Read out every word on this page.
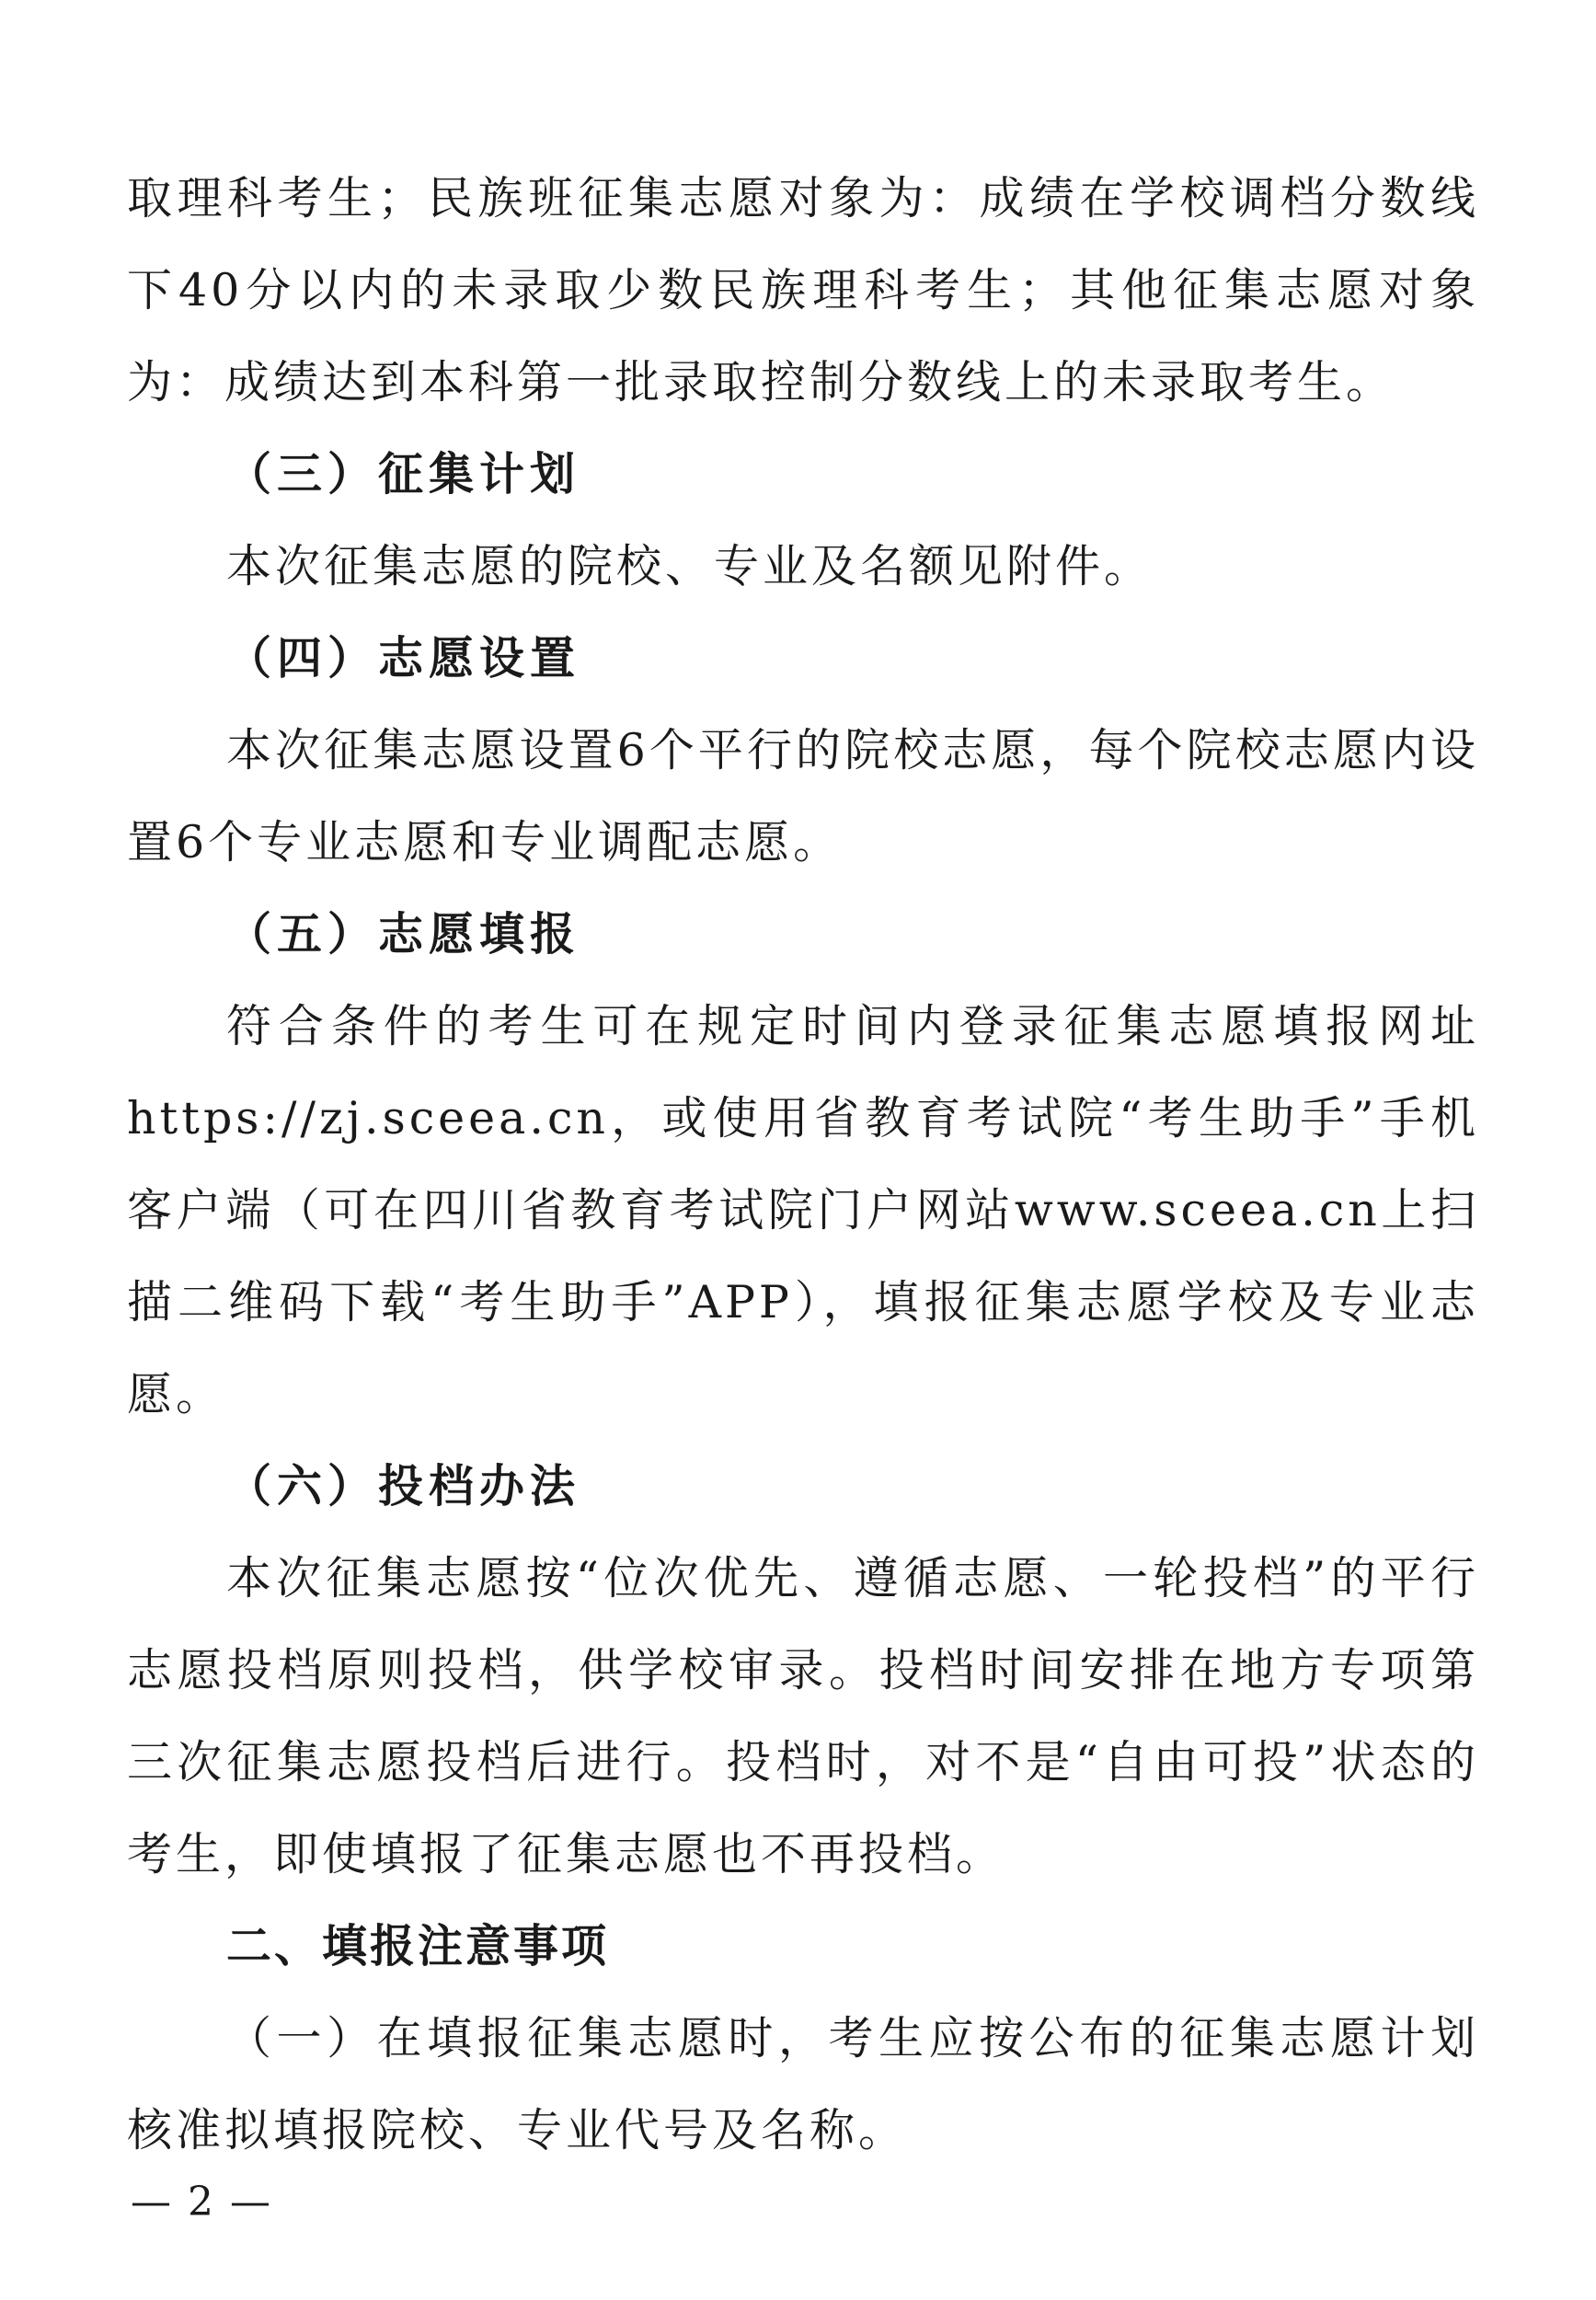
取理科考生；民族班征集志愿对象为：成绩在学校调档分数线下40分以内的未录取少数民族理科考生；其他征集志愿对象为：成绩达到本科第一批录取控制分数线上的未录取考生。

（三）征集计划

本次征集志愿的院校、专业及名额见附件。

（四）志愿设置

本次征集志愿设置6个平行的院校志愿，每个院校志愿内设置6个专业志愿和专业调配志愿。

（五）志愿填报

符合条件的考生可在规定时间内登录征集志愿填报网址https://zj.sceea.cn，或使用省教育考试院“考生助手”手机客户端（可在四川省教育考试院门户网站www.sceea.cn上扫描二维码下载“考生助手”APP），填报征集志愿学校及专业志愿。

（六）投档办法

本次征集志愿按“位次优先、遵循志愿、一轮投档”的平行志愿投档原则投档，供学校审录。投档时间安排在地方专项第三次征集志愿投档后进行。投档时，对不是“自由可投”状态的考生，即使填报了征集志愿也不再投档。

二、填报注意事项

（一）在填报征集志愿时，考生应按公布的征集志愿计划核准拟填报院校、专业代号及名称。

— 2 —
